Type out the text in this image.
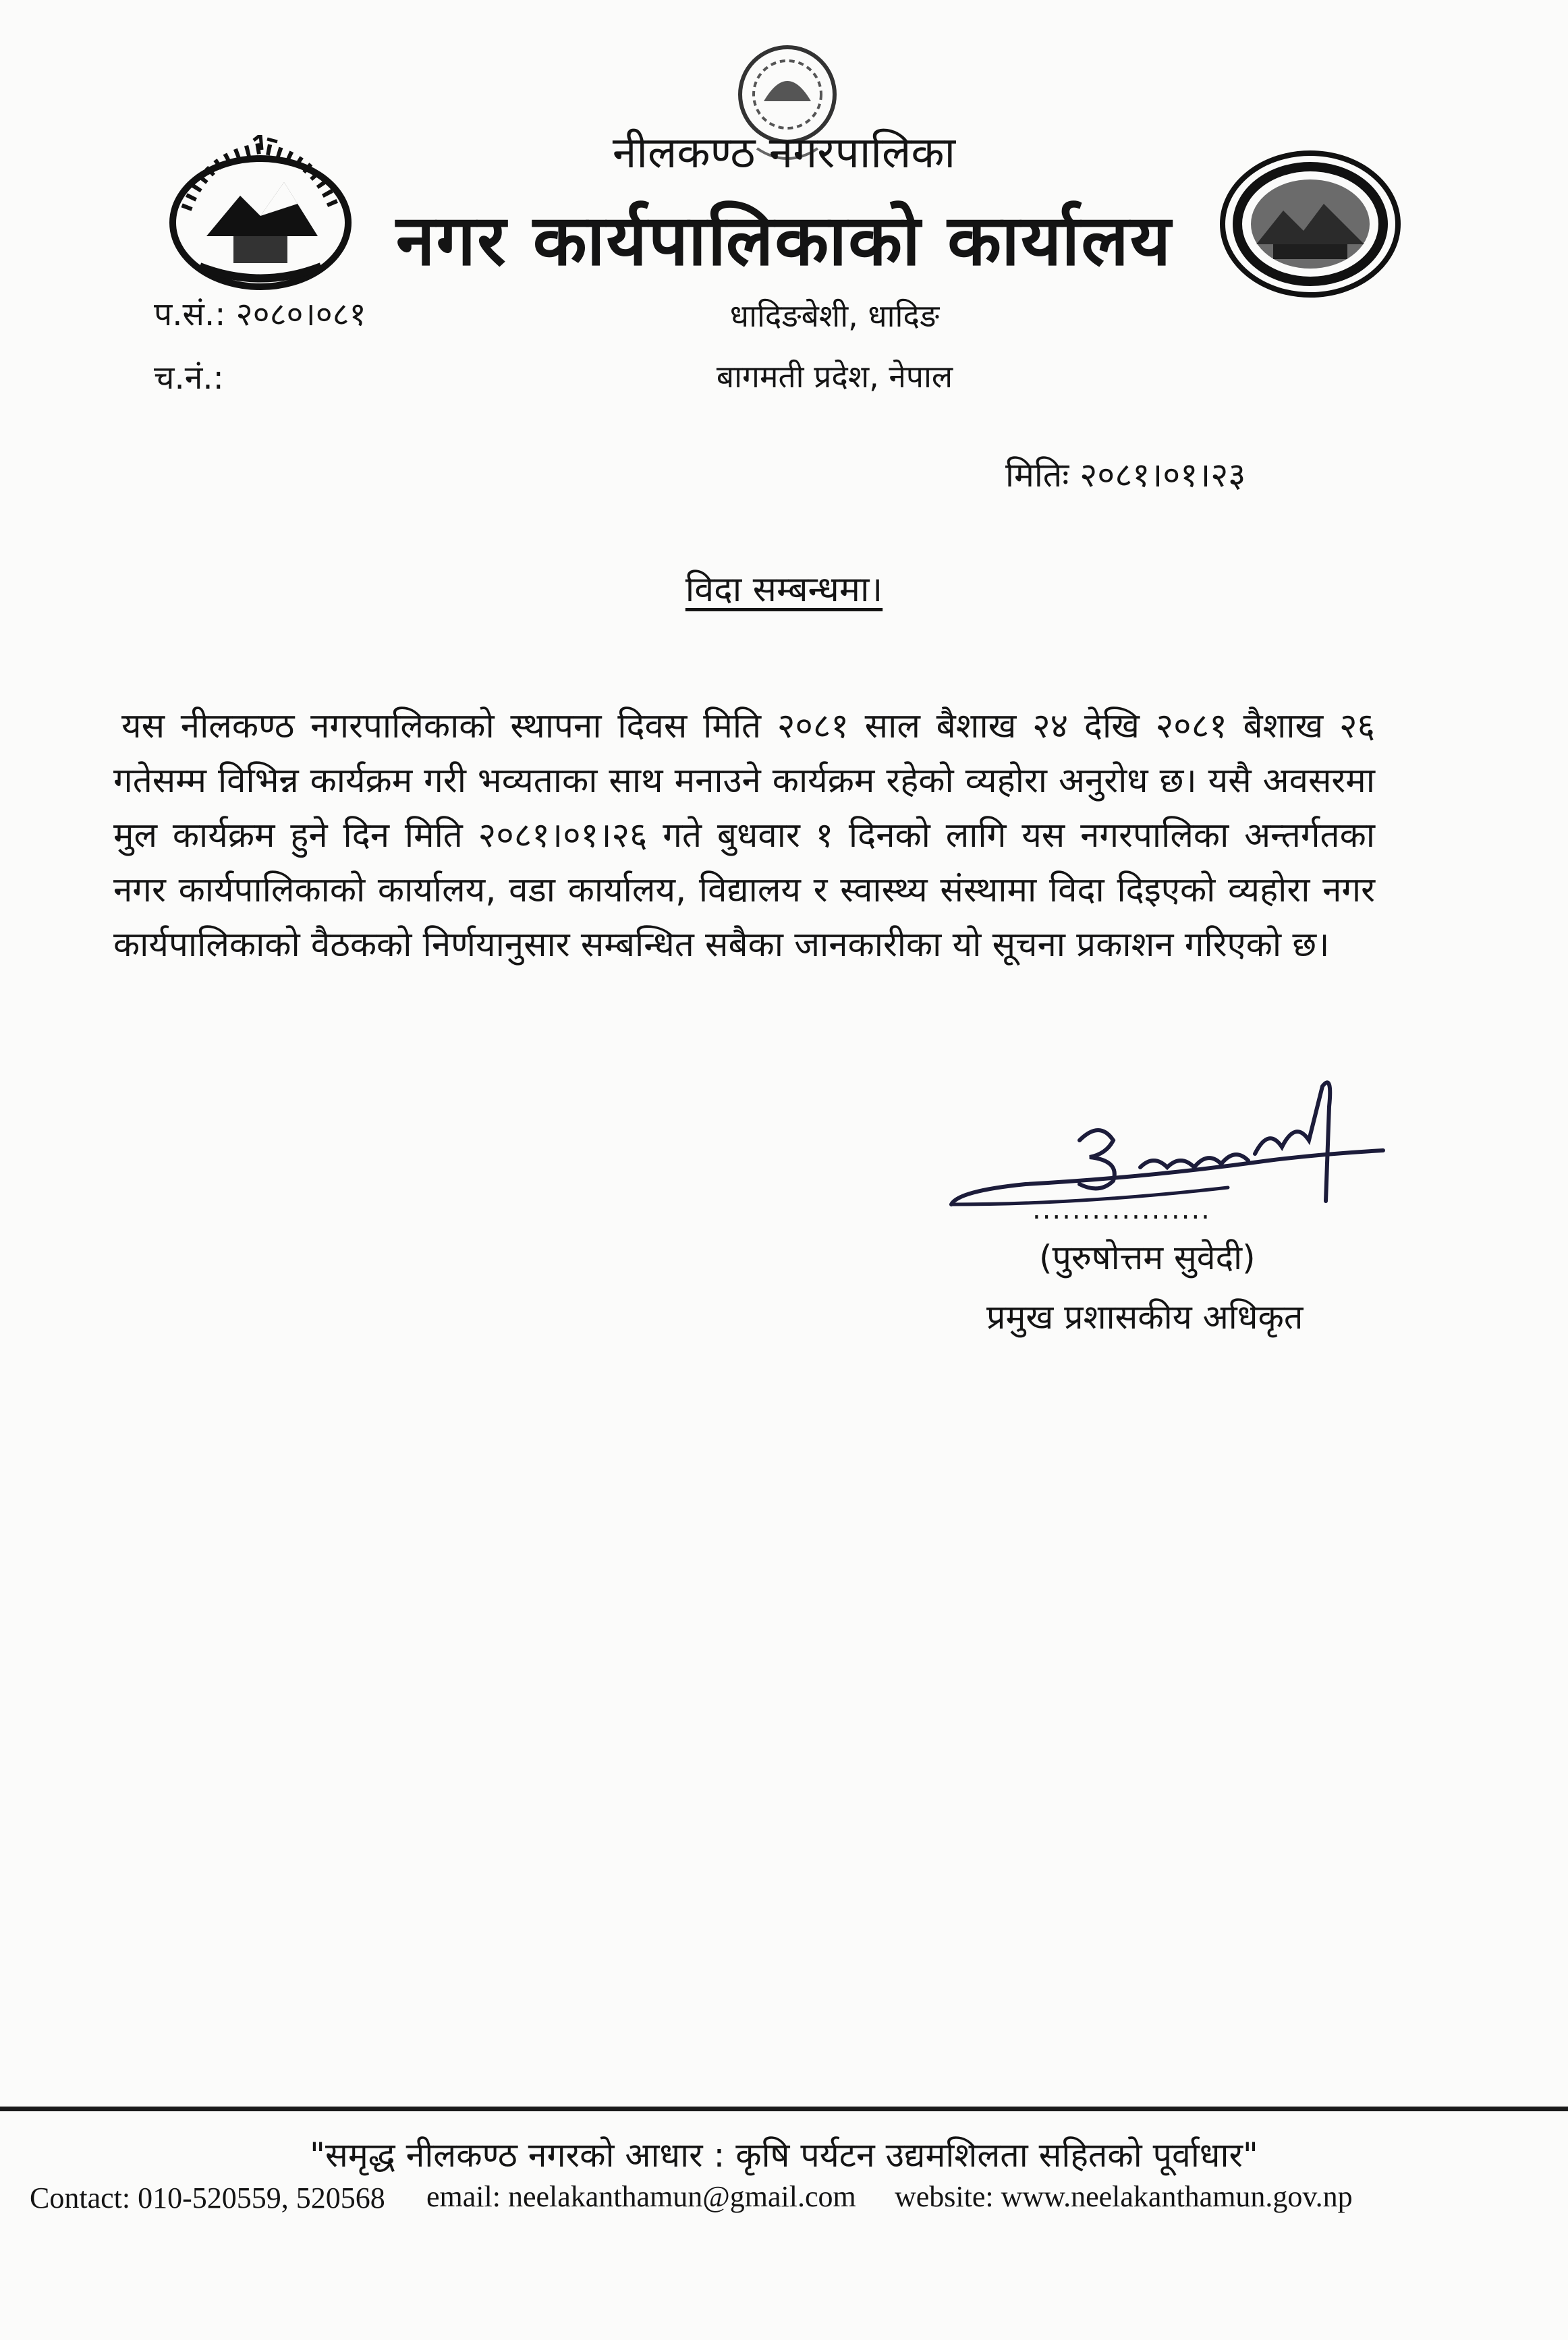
नीलकण्ठ नगरपालिका
नगर कार्यपालिकाको कार्यालय
प.सं.: २०८०।०८१
च.नं.:
धादिङबेशी, धादिङ
बागमती प्रदेश, नेपाल
मितिः २०८१।०१।२३
विदा सम्बन्धमा।
यस नीलकण्ठ नगरपालिकाको स्थापना दिवस मिति २०८१ साल बैशाख २४ देखि २०८१ बैशाख २६ गतेसम्म विभिन्न कार्यक्रम गरी भव्यताका साथ मनाउने कार्यक्रम रहेको व्यहोरा अनुरोध छ। यसै अवसरमा मुल कार्यक्रम हुने दिन मिति २०८१।०१।२६ गते बुधवार १ दिनको लागि यस नगरपालिका अन्तर्गतका नगर कार्यपालिकाको कार्यालय, वडा कार्यालय, विद्यालय र स्वास्थ्य संस्थामा विदा दिइएको व्यहोरा नगर कार्यपालिकाको वैठकको निर्णयानुसार सम्बन्धित सबैका जानकारीका यो सूचना प्रकाशन गरिएको छ।
..................
(पुरुषोत्तम सुवेदी)
प्रमुख प्रशासकीय अधिकृत
"समृद्ध नीलकण्ठ नगरको आधार : कृषि पर्यटन उद्यमशिलता सहितको पूर्वाधार"
Contact: 010-520559, 520568 email: neelakanthamun@gmail.com website: www.neelakanthamun.gov.np
